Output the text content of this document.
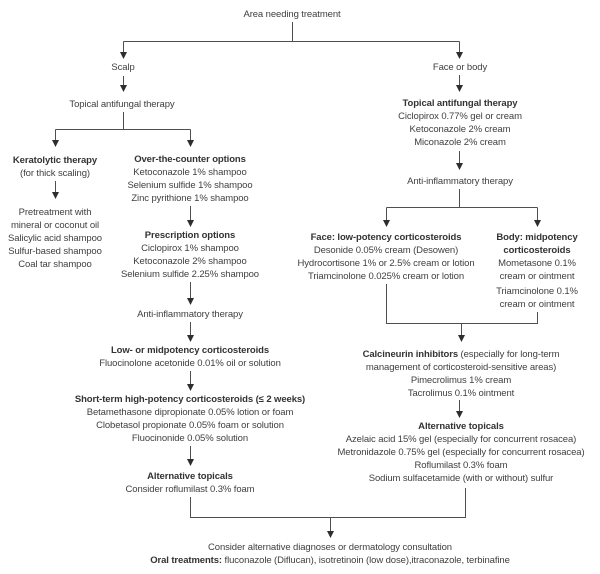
Area needing treatment
Scalp
Topical antifungal therapy
Keratolytic therapy
(for thick scaling)
Pretreatment with
mineral or coconut oil
Salicylic acid shampoo
Sulfur-based shampoo
Coal tar shampoo
Over-the-counter options
Ketoconazole 1% shampoo
Selenium sulfide 1% shampoo
Zinc pyrithione 1% shampoo
Prescription options
Ciclopirox 1% shampoo
Ketoconazole 2% shampoo
Selenium sulfide 2.25% shampoo
Anti-inflammatory therapy
Low- or midpotency corticosteroids
Fluocinolone acetonide 0.01% oil or solution
Short-term high-potency corticosteroids (≤ 2 weeks)
Betamethasone dipropionate 0.05% lotion or foam
Clobetasol propionate 0.05% foam or solution
Fluocinonide 0.05% solution
Alternative topicals
Consider roflumilast 0.3% foam
Face or body
Topical antifungal therapy
Ciclopirox 0.77% gel or cream
Ketoconazole 2% cream
Miconazole 2% cream
Anti-inflammatory therapy
Face: low-potency corticosteroids
Desonide 0.05% cream (Desowen)
Hydrocortisone 1% or 2.5% cream or lotion
Triamcinolone 0.025% cream or lotion
Body: midpotency
corticosteroids
Mometasone 0.1%
cream or ointment
Triamcinolone 0.1%
cream or ointment
Calcineurin inhibitors (especially for long-term
management of corticosteroid-sensitive areas)
Pimecrolimus 1% cream
Tacrolimus 0.1% ointment
Alternative topicals
Azelaic acid 15% gel (especially for concurrent rosacea)
Metronidazole 0.75% gel (especially for concurrent rosacea)
Roflumilast 0.3% foam
Sodium sulfacetamide (with or without) sulfur
Consider alternative diagnoses or dermatology consultation
Oral treatments: fluconazole (Diflucan), isotretinoin (low dose),itraconazole, terbinafine
